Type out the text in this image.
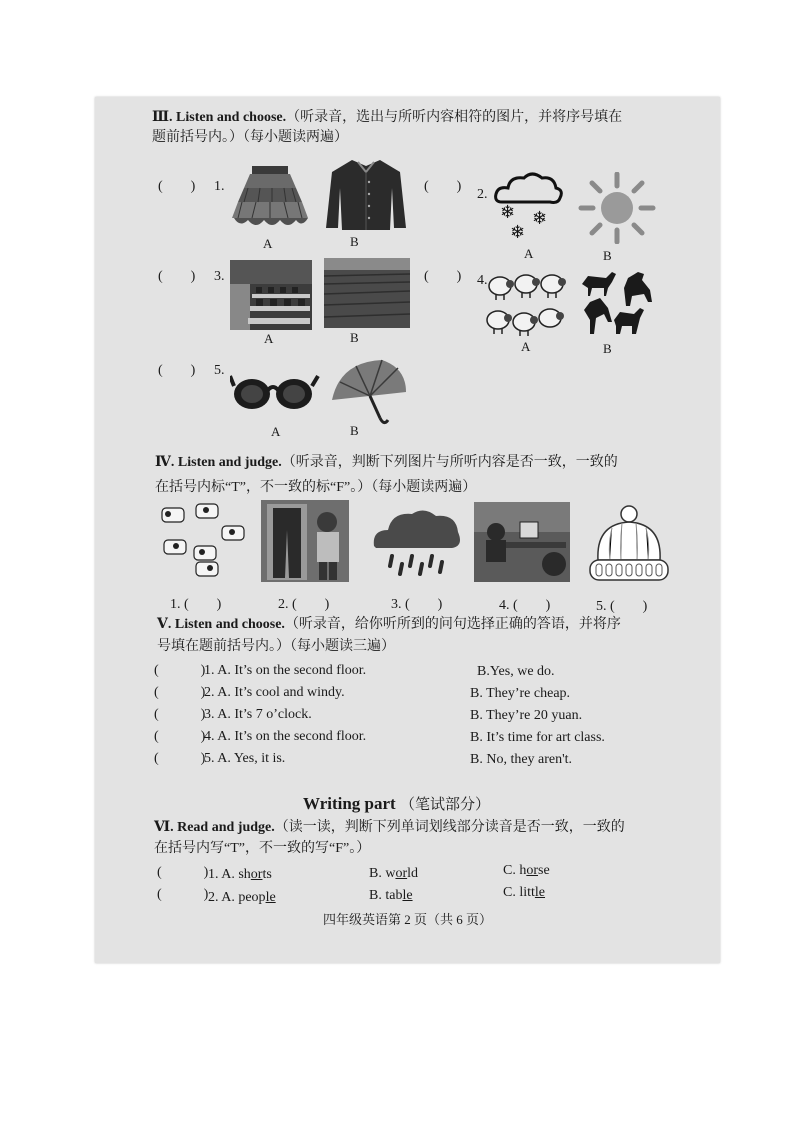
Ⅲ. Listen and choose.（听录音，选出与所听内容相符的图片，并将序号填在
题前括号内。）（每小题读两遍）
(　　) 1.
A	B
(　　)
2.
❄ ❄
❄
A	B
(　　) 3.
A	B
(　　) 4.
A	B
(　　) 5.
A	B
Ⅳ. Listen and judge.（听录音，判断下列图片与所听内容是否一致，一致的
在括号内标“T”，不一致的标“F”。）（每小题读两遍）
1. (　　)	2. (　　)	3. (　　)	4. (　　)	5. (　　)
Ⅴ. Listen and choose.（听录音，给你听所到的问句选择正确的答语，并将序
号填在题前括号内。）（每小题读三遍）
(　　　)
1. A. It’s on the second floor.	B.Yes, we do.
(　　　)
2. A. It’s cool and windy.	B. They’re cheap.
(　　　)
3. A. It’s 7 o’clock.	B. They’re 20 yuan.
(　　　)
4. A. It’s on the second floor.	B. It’s time for art class.
(　　　)
5. A. Yes, it is.	B. No, they aren't.
Writing part （笔试部分）
Ⅵ. Read and judge.（读一读，判断下列单词划线部分读音是否一致，一致的
在括号内写“T”，不一致的写“F”。）
(　　　) 1. A. shorts	B. world	C. horse
(　　　) 2. A. people	B. table	C. little
四年级英语第 2 页（共 6 页）
